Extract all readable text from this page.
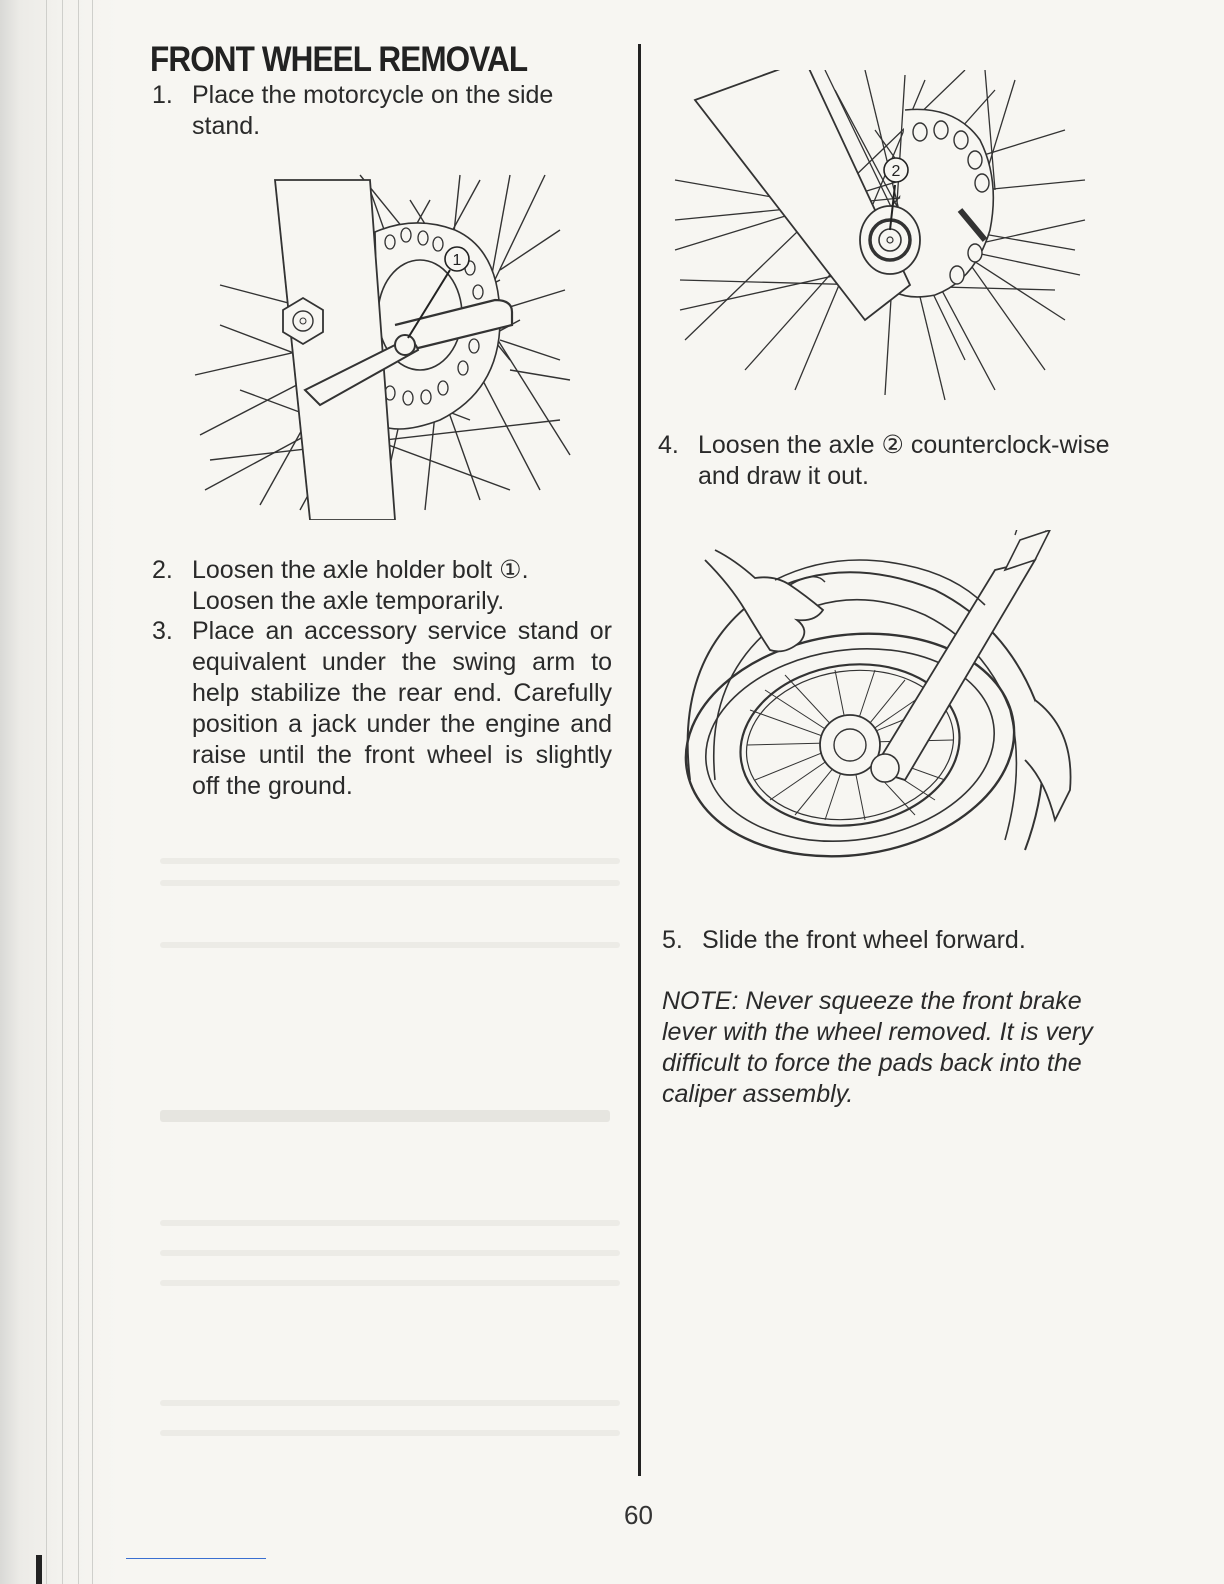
FRONT WHEEL REMOVAL
1. Place the motorcycle on the side stand.
1
2. Loosen the axle holder bolt ①. Loosen the axle temporarily.
3. Place an accessory service stand or equivalent under the swing arm to help stabilize the rear end. Carefully position a jack under the engine and raise until the front wheel is slightly off the ground.
2
4. Loosen the axle ② counterclock-wise and draw it out.
5. Slide the front wheel forward.
NOTE: Never squeeze the front brake lever with the wheel removed. It is very difficult to force the pads back into the caliper assembly.
60
